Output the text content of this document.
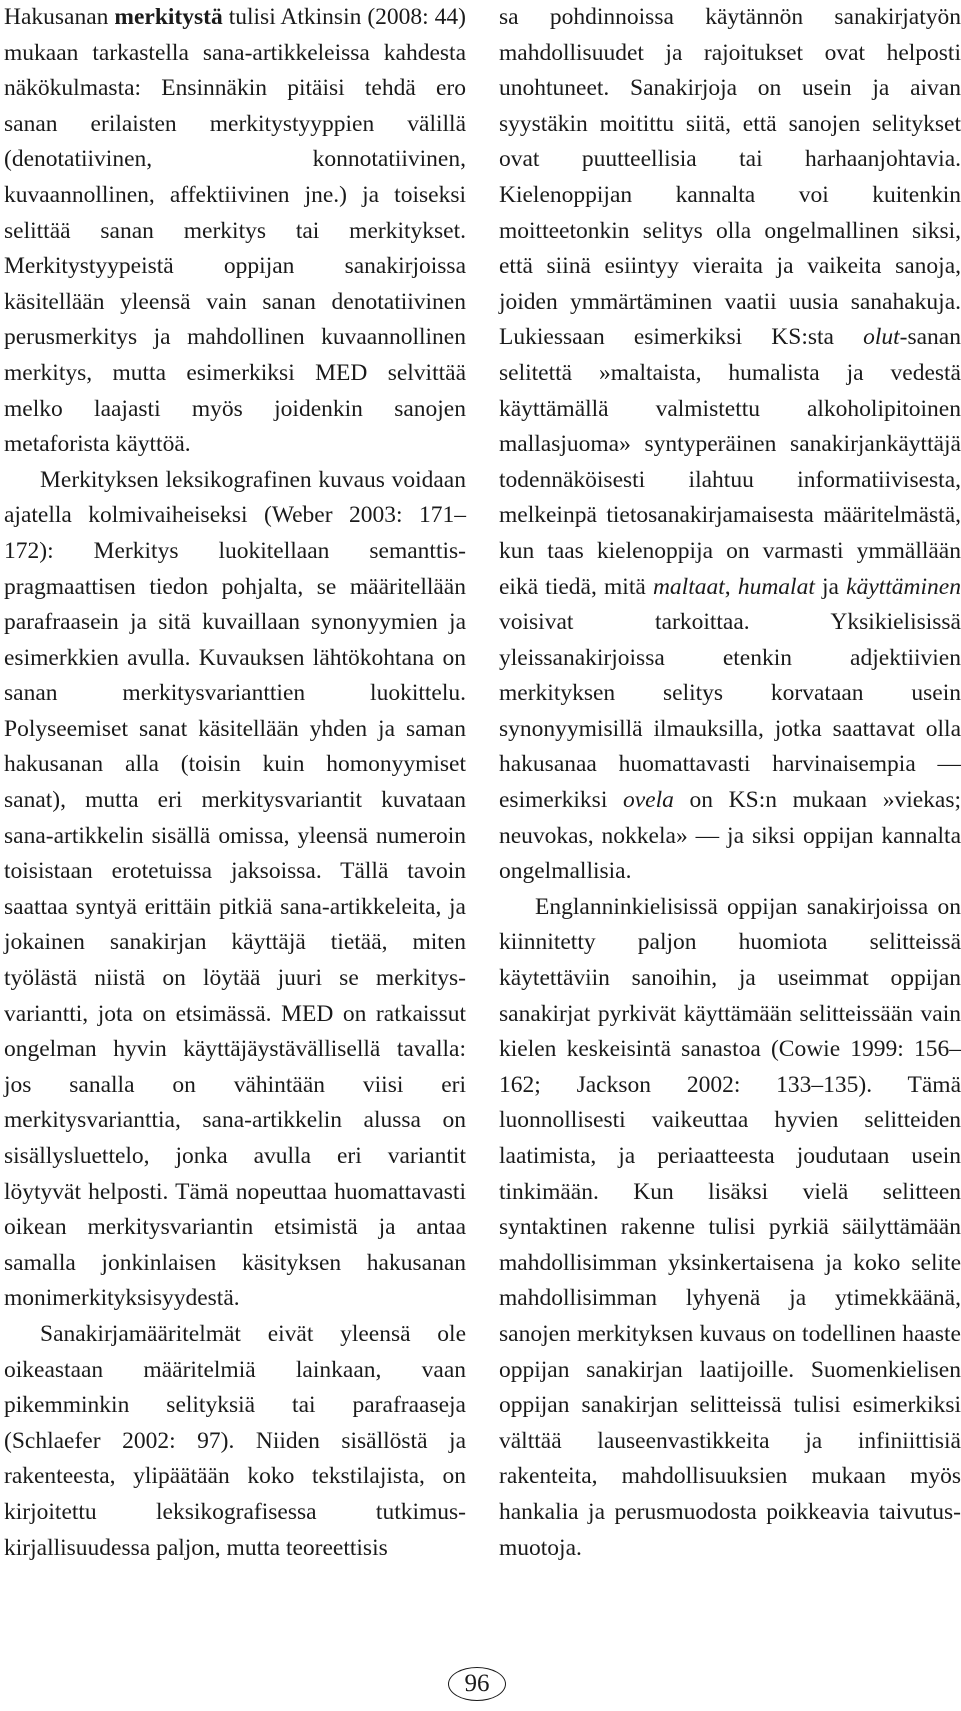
Hakusanan merkitystä tulisi Atkinsin (2008: 44) mukaan tarkastella sana-artikkeleissa kahdesta näkökulmasta: Ensinnäkin pitäisi tehdä ero sanan erilaisten merkitystyyppien välillä (denotatiivinen, konnotatiivinen, kuvaannollinen, affektiivinen jne.) ja toiseksi selittää sanan merkitys tai merkitykset. Merkitystyypeistä oppijan sanakirjoissa käsitellään yleensä vain sanan denotatiivinen perusmerkitys ja mahdollinen kuvaannollinen merkitys, mutta esimerkiksi MED selvittää melko laajasti myös joidenkin sanojen metaforista käyttöä.

Merkityksen leksikografinen kuvaus voidaan ajatella kolmivaiheiseksi (Weber 2003: 171–172): Merkitys luokitellaan semanttis-pragmaattisen tiedon pohjalta, se määritellään parafraasein ja sitä kuvaillaan synonyymien ja esimerkkien avulla. Kuvauksen lähtökohtana on sanan merkitysvarianttien luokittelu. Polyseemiset sanat käsitellään yhden ja saman hakusanan alla (toisin kuin homonyymiset sanat), mutta eri merkitysvariantit kuvataan sana-artikkelin sisällä omissa, yleensä numeroin toisistaan erotetuissa jaksoissa. Tällä tavoin saattaa syntyä erittäin pitkiä sana-artikkeleita, ja jokainen sanakirjan käyttäjä tietää, miten työlästä niistä on löytää juuri se merkitysvariantti, jota on etsimässä. MED on ratkaissut ongelman hyvin käyttäjäystävällisellä tavalla: jos sanalla on vähintään viisi eri merkitysvarianttia, sana-artikkelin alussa on sisällysluettelo, jonka avulla eri variantit löytyvät helposti. Tämä nopeuttaa huomattavasti oikean merkitysvariantin etsimistä ja antaa samalla jonkinlaisen käsityksen hakusanan monimerkityksisyydestä.

Sanakirjamääritelmät eivät yleensä ole oikeastaan määritelmiä lainkaan, vaan pikemminkin selityksiä tai parafraaseja (Schlaefer 2002: 97). Niiden sisällöstä ja rakenteesta, ylipäätään koko tekstilajista, on kirjoitettu leksikografisessa tutkimuskirjallisuudessa paljon, mutta teoreettisis

sa pohdinnoissa käytännön sanakirjatyön mahdollisuudet ja rajoitukset ovat helposti unohtuneet. Sanakirjoja on usein ja aivan syystäkin moitittu siitä, että sanojen selitykset ovat puutteellisia tai harhaanjohtavia. Kielenoppijan kannalta voi kuitenkin moitteetonkin selitys olla ongelmallinen siksi, että siinä esiintyy vieraita ja vaikeita sanoja, joiden ymmärtäminen vaatii uusia sanahakuja. Lukiessaan esimerkiksi KS:sta olut-sanan selitettä »maltaista, humalista ja vedestä käyttämällä valmistettu alkoholipitoinen mallasjuoma» syntyperäinen sanakirjankäyttäjä todennäköisesti ilahtuu informatiivisesta, melkeinpä tietosanakirjamaisesta määritelmästä, kun taas kielenoppija on varmasti ymmällään eikä tiedä, mitä maltaat, humalat ja käyttäminen voisivat tarkoittaa. Yksikielisissä yleissanakirjoissa etenkin adjektiivien merkityksen selitys korvataan usein synonyymisillä ilmauksilla, jotka saattavat olla hakusanaa huomattavasti harvinaisempia — esimerkiksi ovela on KS:n mukaan »viekas; neuvokas, nokkela» — ja siksi oppijan kannalta ongelmallisia.

Englanninkielisissä oppijan sanakirjoissa on kiinnitetty paljon huomiota selitteissä käytettäviin sanoihin, ja useimmat oppijan sanakirjat pyrkivät käyttämään selitteissään vain kielen keskeisintä sanastoa (Cowie 1999: 156–162; Jackson 2002: 133–135). Tämä luonnollisesti vaikeuttaa hyvien selitteiden laatimista, ja periaatteesta joudutaan usein tinkimään. Kun lisäksi vielä selitteen syntaktinen rakenne tulisi pyrkiä säilyttämään mahdollisimman yksinkertaisena ja koko selite mahdollisimman lyhyenä ja ytimekkäänä, sanojen merkityksen kuvaus on todellinen haaste oppijan sanakirjan laatijoille. Suomenkielisen oppijan sanakirjan selitteissä tulisi esimerkiksi välttää lauseenvastikkeita ja infiniittisiä rakenteita, mahdollisuuksien mukaan myös hankalia ja perusmuodosta poikkeavia taivutusmuotoja.

96
